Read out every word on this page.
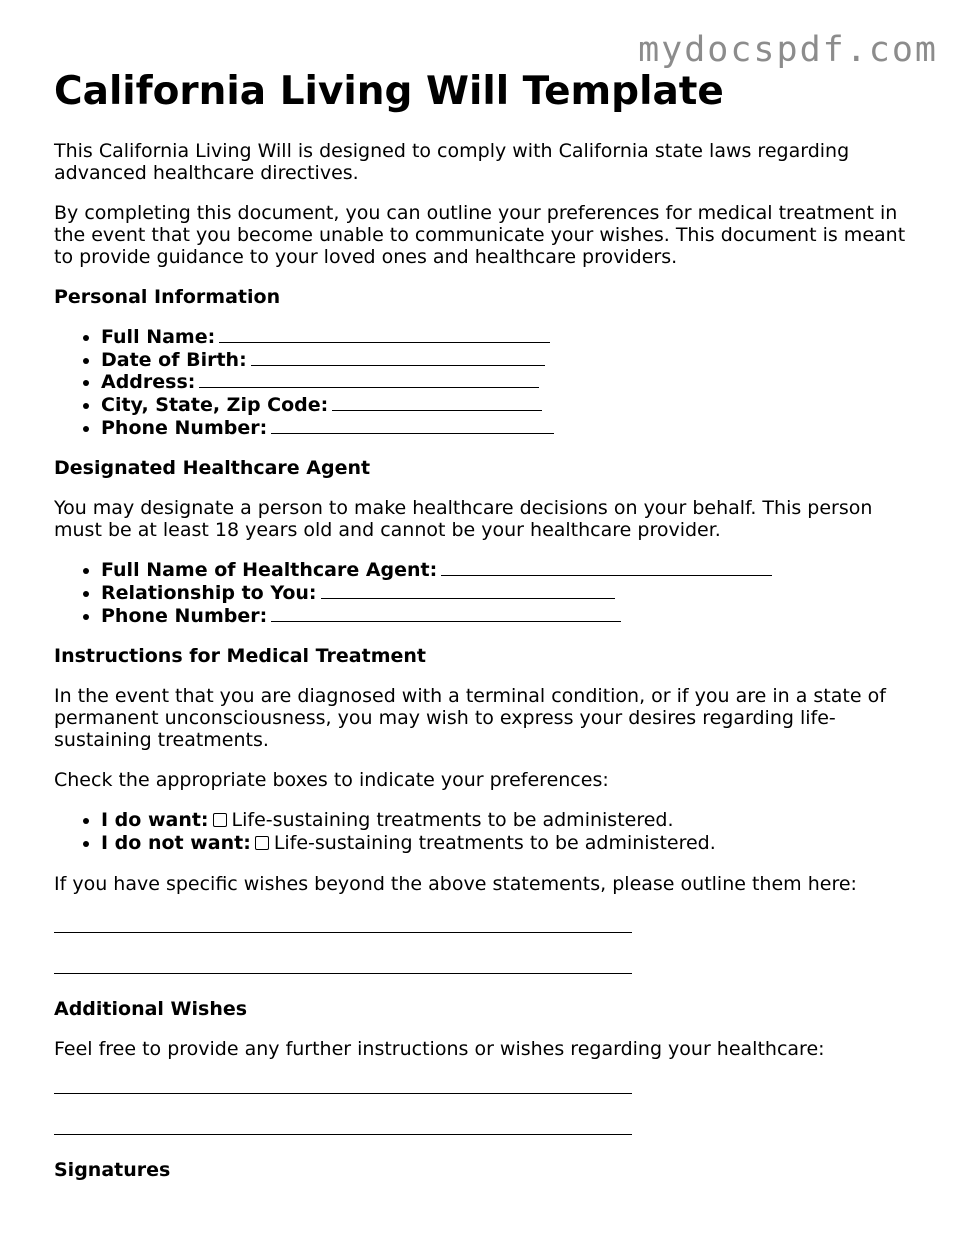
mydocspdf.com
California Living Will Template

This California Living Will is designed to comply with California state laws regarding advanced healthcare directives.

By completing this document, you can outline your preferences for medical treatment in the event that you become unable to communicate your wishes. This document is meant to provide guidance to your loved ones and healthcare providers.

Personal Information
• Full Name:
• Date of Birth:
• Address:
• City, State, Zip Code:
• Phone Number:
Designated Healthcare Agent

You may designate a person to make healthcare decisions on your behalf. This person must be at least 18 years old and cannot be your healthcare provider.

• Full Name of Healthcare Agent:
• Relationship to You:
• Phone Number:
Instructions for Medical Treatment

In the event that you are diagnosed with a terminal condition, or if you are in a state of permanent unconsciousness, you may wish to express your desires regarding life-sustaining treatments.

Check the appropriate boxes to indicate your preferences:

• I do want: Life-sustaining treatments to be administered.
• I do not want: Life-sustaining treatments to be administered.

If you have specific wishes beyond the above statements, please outline them here:

Additional Wishes

Feel free to provide any further instructions or wishes regarding your healthcare:

Signatures
